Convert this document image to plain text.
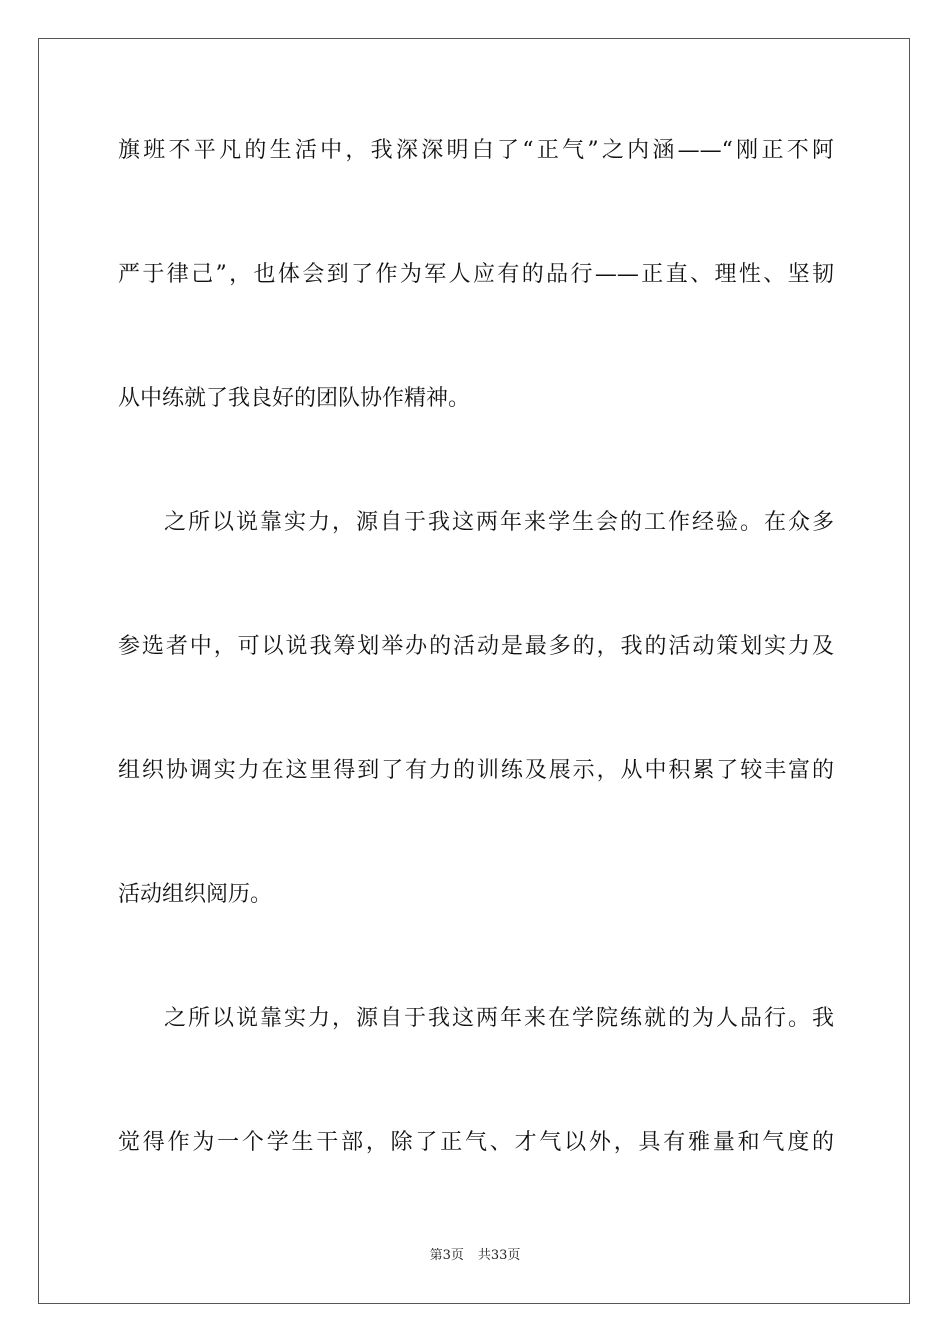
旗班不平凡的生活中，我深深明白了“正气”之内涵——“刚正不阿
严于律己”，也体会到了作为军人应有的品行——正直、理性、坚韧
从中练就了我良好的团队协作精神。
之所以说靠实力，源自于我这两年来学生会的工作经验。在众多
参选者中，可以说我筹划举办的活动是最多的，我的活动策划实力及
组织协调实力在这里得到了有力的训练及展示，从中积累了较丰富的
活动组织阅历。
之所以说靠实力，源自于我这两年来在学院练就的为人品行。我
觉得作为一个学生干部，除了正气、才气以外，具有雅量和气度的
第3页 共33页
